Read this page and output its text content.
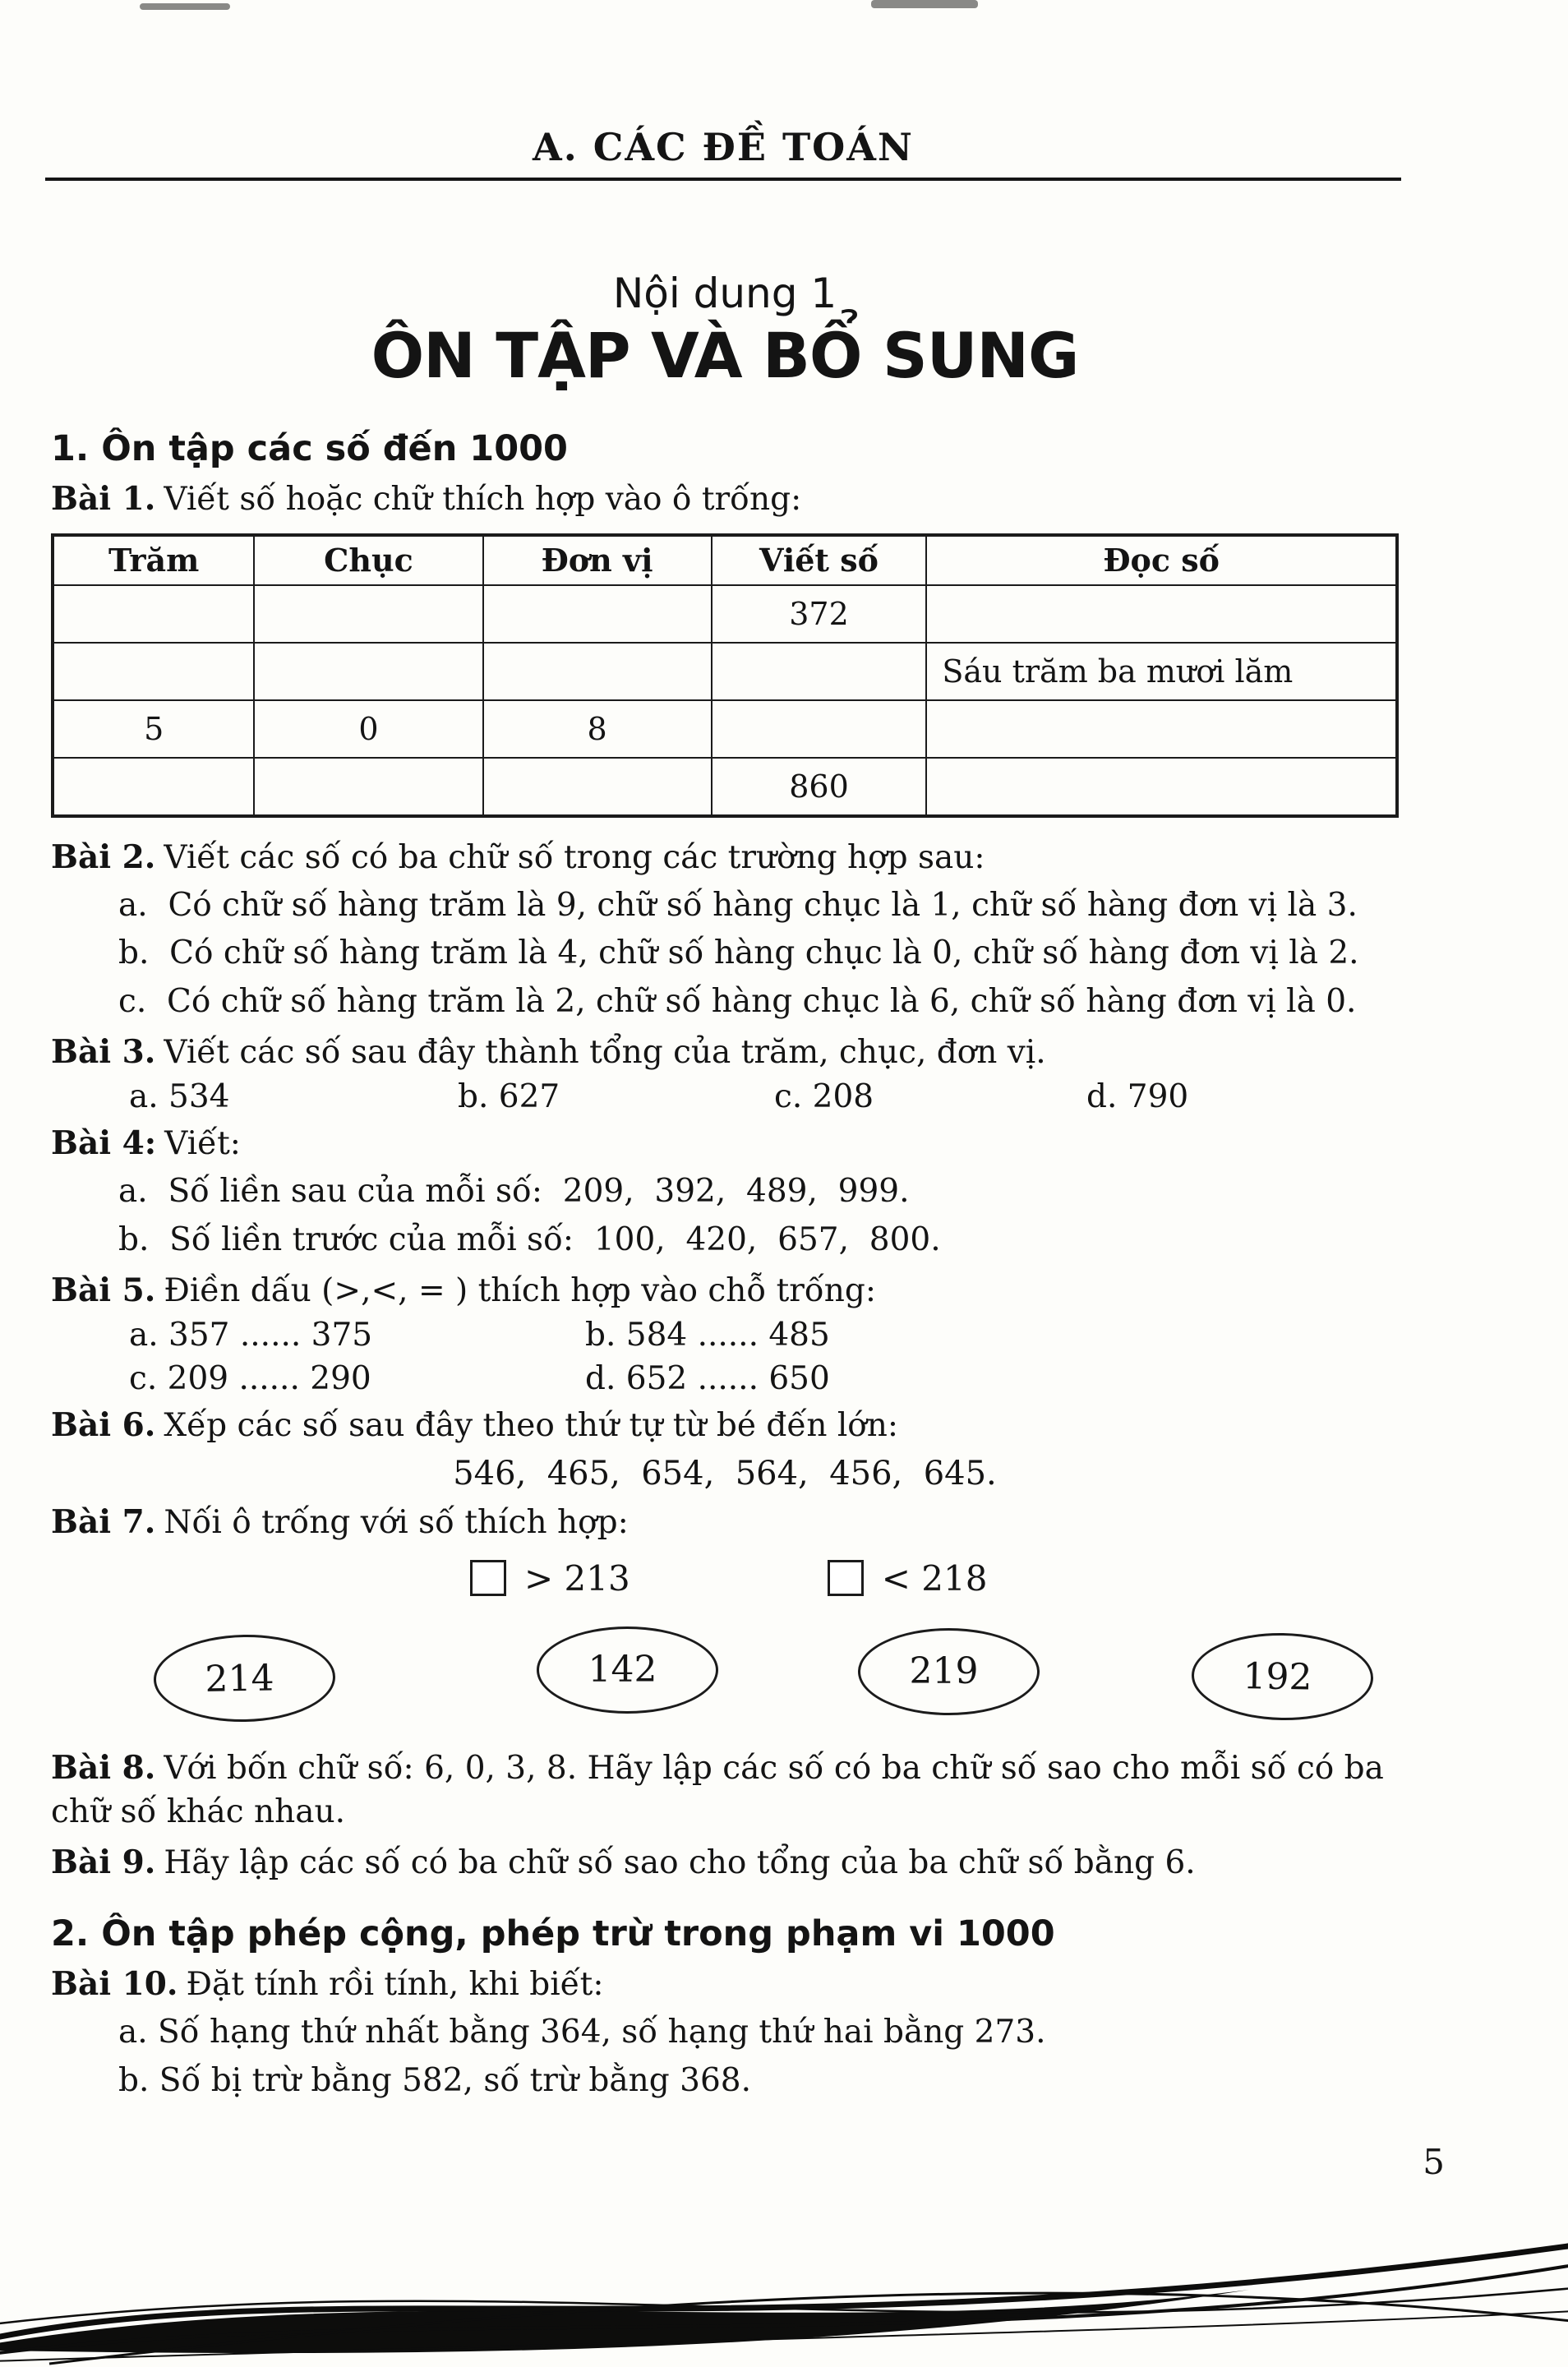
A. CÁC ĐỀ TOÁN
Nội dung 1
ÔN TẬP VÀ BỔ SUNG
1. Ôn tập các số đến 1000

Bài 1. Viết số hoặc chữ thích hợp vào ô trống:

Trăm	Chục	Đơn vị	Viết số	Đọc số
			372	
				Sáu trăm ba mươi lăm
5	0	8		
			860	

Bài 2. Viết các số có ba chữ số trong các trường hợp sau:

a.  Có chữ số hàng trăm là 9, chữ số hàng chục là 1, chữ số hàng đơn vị là 3.

b.  Có chữ số hàng trăm là 4, chữ số hàng chục là 0, chữ số hàng đơn vị là 2.

c.  Có chữ số hàng trăm là 2, chữ số hàng chục là 6, chữ số hàng đơn vị là 0.

Bài 3. Viết các số sau đây thành tổng của trăm, chục, đơn vị.

a. 534	b. 627	c. 208	d. 790

Bài 4: Viết:

a.  Số liền sau của mỗi số:  209,  392,  489,  999.

b.  Số liền trước của mỗi số:  100,  420,  657,  800.

Bài 5. Điền dấu (>,<, = ) thích hợp vào chỗ trống:

a. 357 ...... 375	b. 584 ...... 485
c. 209 ...... 290	d. 652 ...... 650

Bài 6. Xếp các số sau đây theo thứ tự từ bé đến lớn:

546,  465,  654,  564,  456,  645.

Bài 7. Nối ô trống với số thích hợp:

> 213	< 218
214	142	219	192

Bài 8. Với bốn chữ số: 6, 0, 3, 8. Hãy lập các số có ba chữ số sao cho mỗi số có ba chữ số khác nhau.

Bài 9. Hãy lập các số có ba chữ số sao cho tổng của ba chữ số bằng 6.

2. Ôn tập phép cộng, phép trừ trong phạm vi 1000

Bài 10. Đặt tính rồi tính, khi biết:

a. Số hạng thứ nhất bằng 364, số hạng thứ hai bằng 273.

b. Số bị trừ bằng 582, số trừ bằng 368.

5
